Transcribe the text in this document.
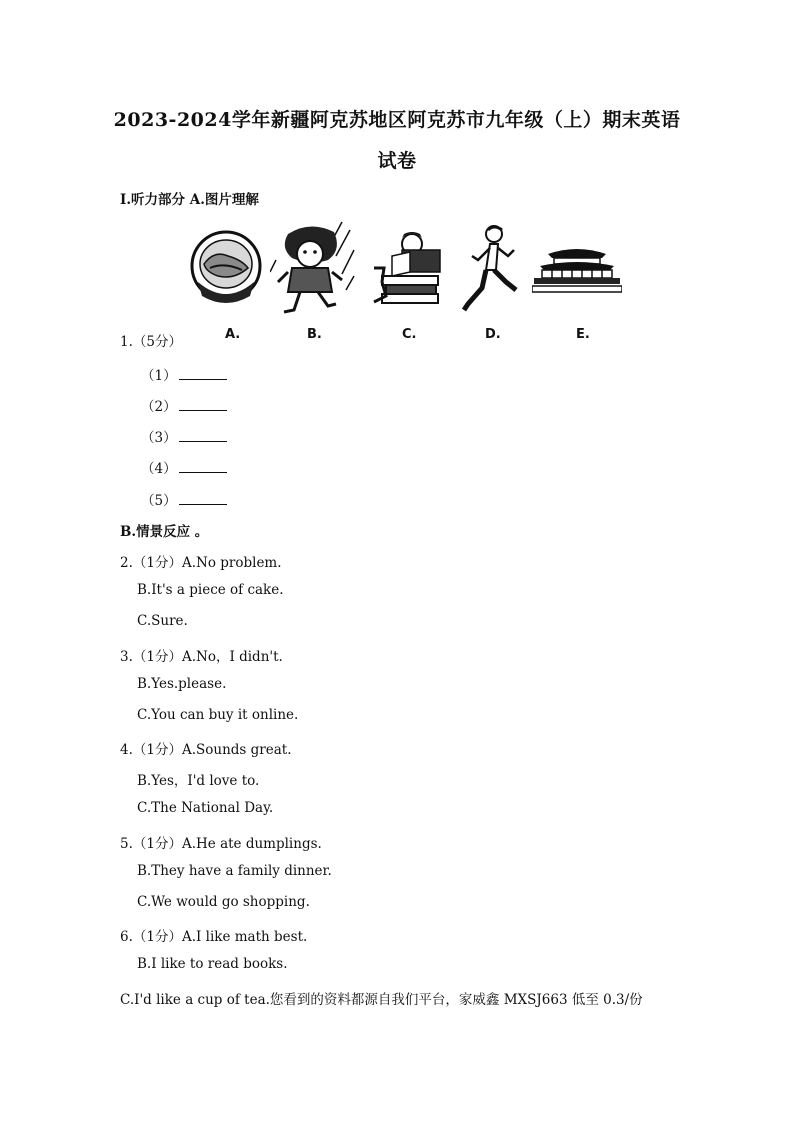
2023-2024学年新疆阿克苏地区阿克苏市九年级（上）期末英语
试卷
Ⅰ.听力部分 A.图片理解
A.	B.	C.	D.	E.
1.（5分）
（1）
（2）
（3）
（4）
（5）
B.情景反应 。
2.（1分）A.No problem.
B.It's a piece of cake.
C.Sure.
3.（1分）A.No，I didn't.
B.Yes.please.
C.You can buy it online.
4.（1分）A.Sounds great.
B.Yes，I'd love to.
C.The National Day.
5.（1分）A.He ate dumplings.
B.They have a family dinner.
C.We would go shopping.
6.（1分）A.I like math best.
B.I like to read books.
C.I'd like a cup of tea.您看到的资料都源自我们平台，家威鑫 MXSJ663 低至 0.3/份
